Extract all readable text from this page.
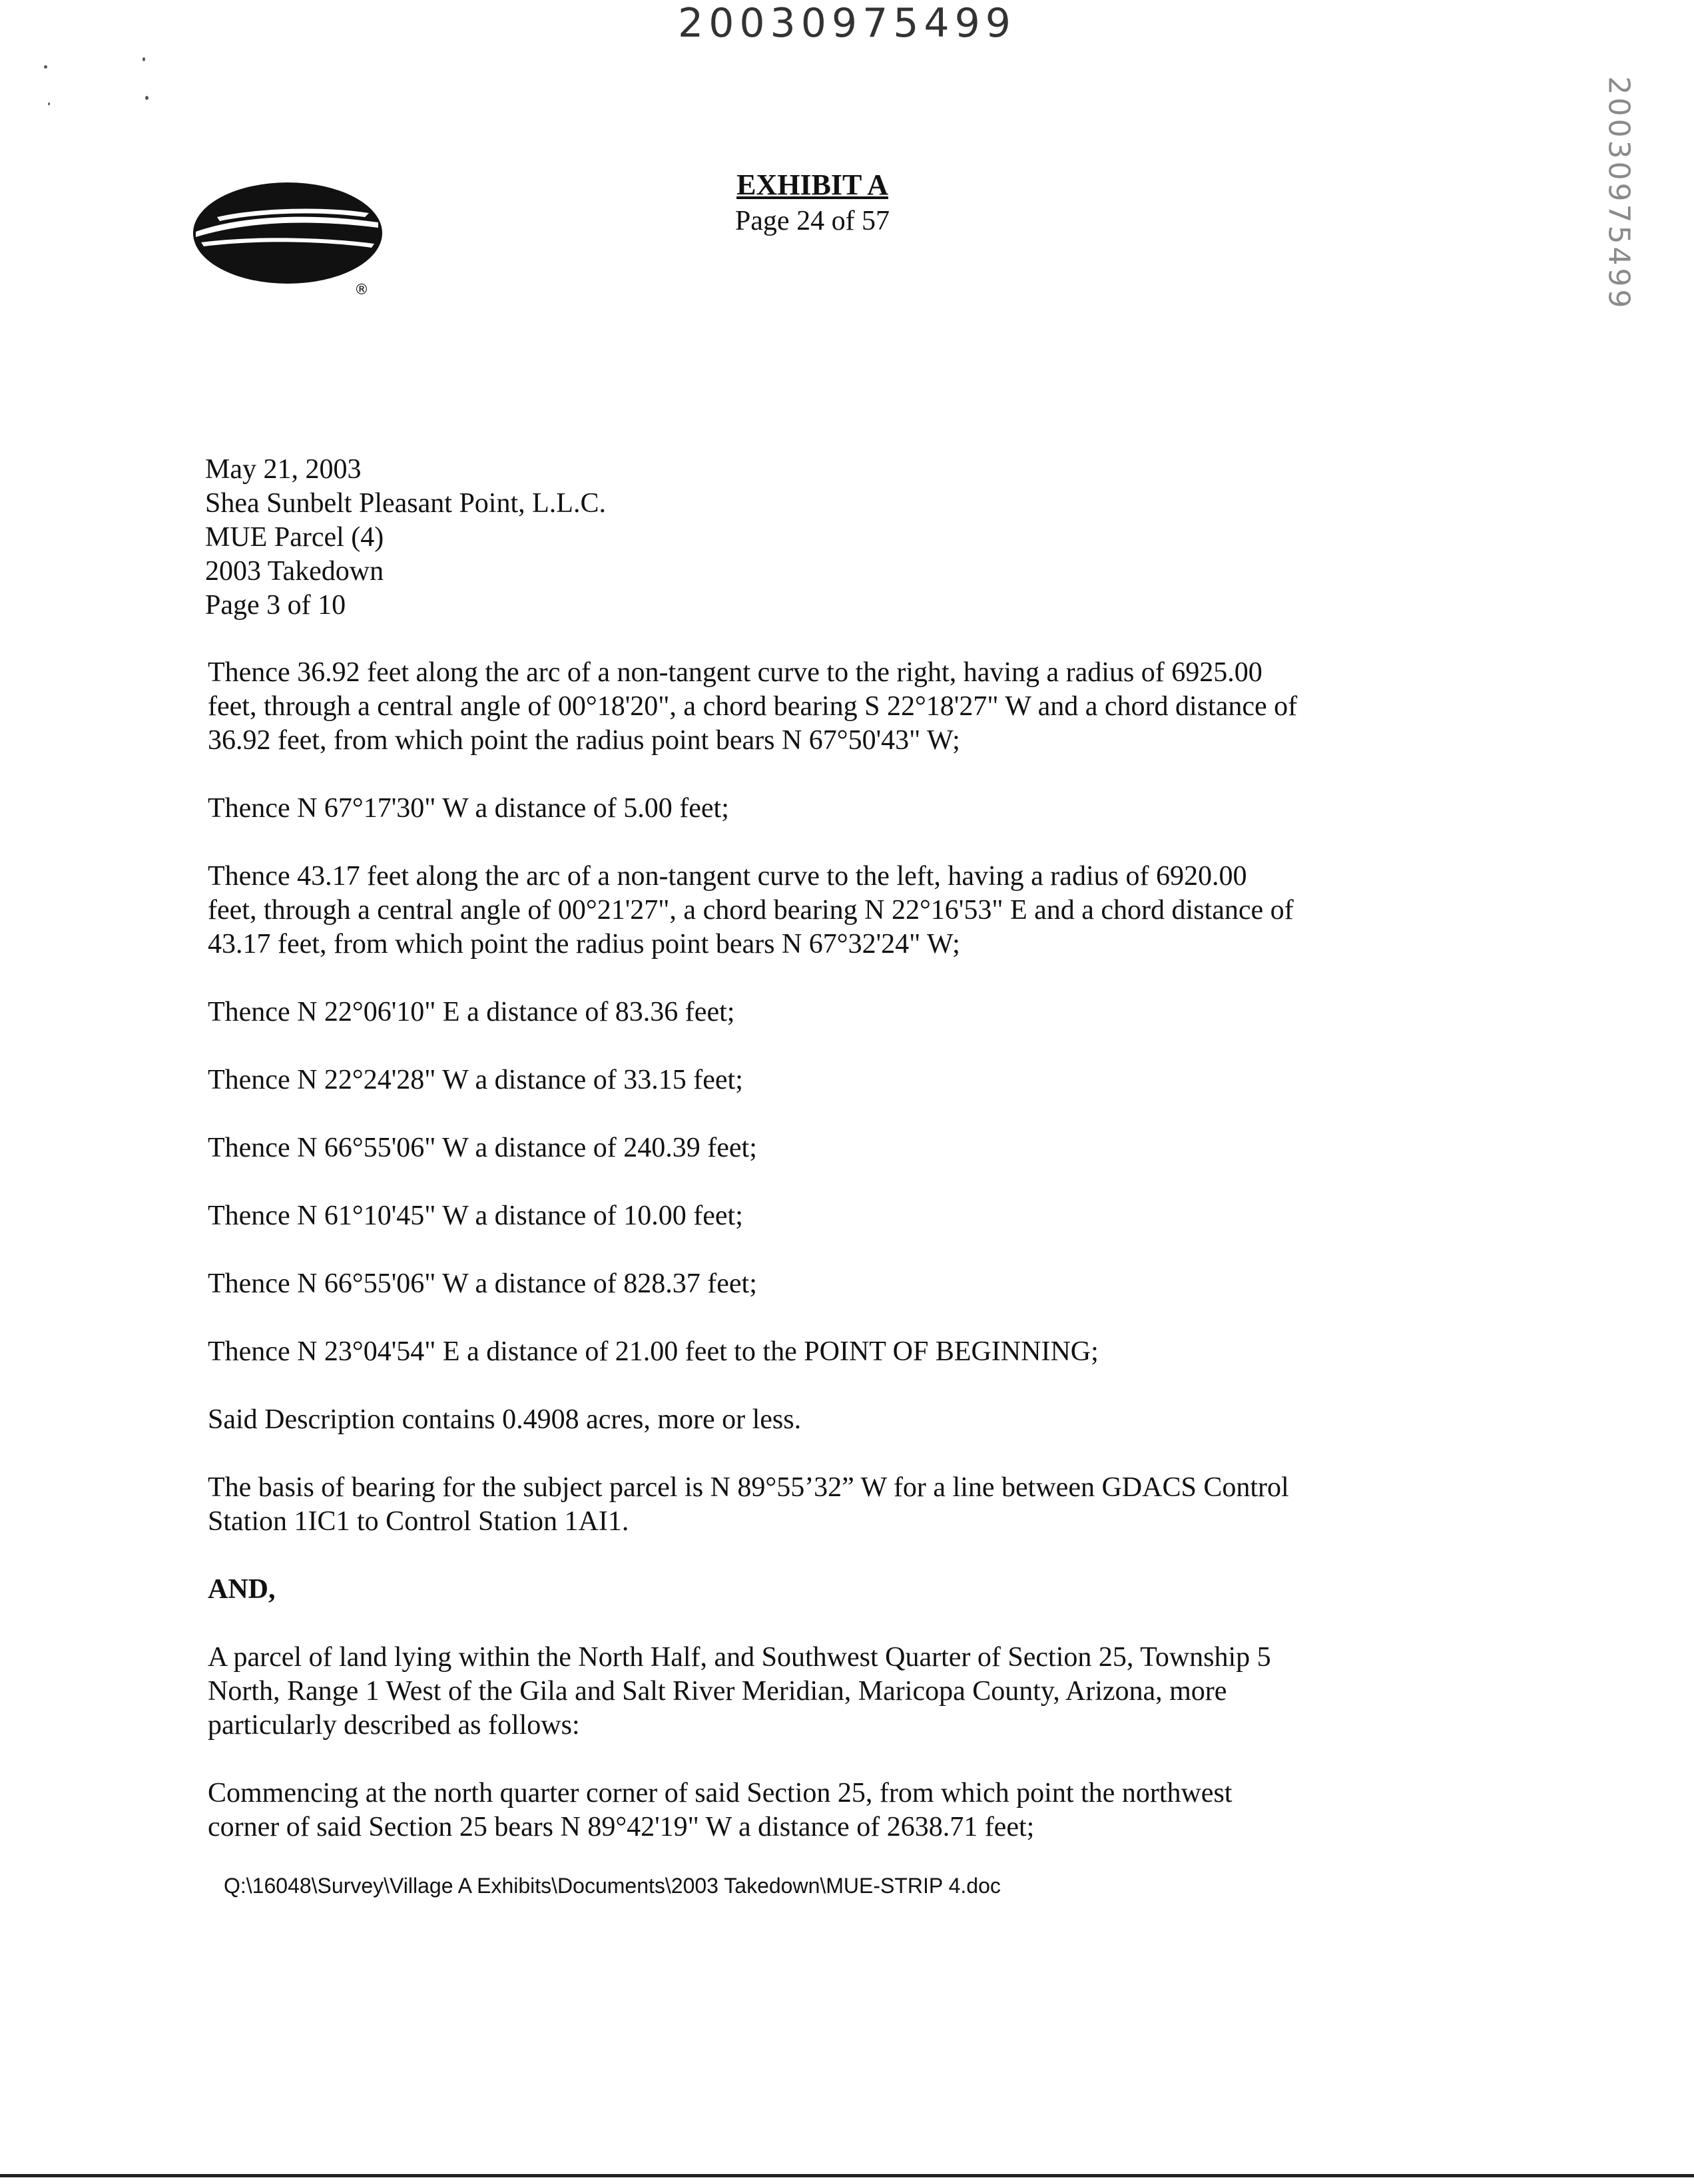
20030975499
20030975499
®
EXHIBIT A
Page 24 of 57
May 21, 2003
Shea Sunbelt Pleasant Point, L.L.C.
MUE Parcel (4)
2003 Takedown
Page 3 of 10
Thence 36.92 feet along the arc of a non-tangent curve to the right, having a radius of 6925.00
feet, through a central angle of 00°18'20", a chord bearing S 22°18'27" W and a chord distance of
36.92 feet, from which point the radius point bears N 67°50'43" W;
Thence N 67°17'30" W a distance of 5.00 feet;
Thence 43.17 feet along the arc of a non-tangent curve to the left, having a radius of 6920.00
feet, through a central angle of 00°21'27", a chord bearing N 22°16'53" E and a chord distance of
43.17 feet, from which point the radius point bears N 67°32'24" W;
Thence N 22°06'10" E a distance of 83.36 feet;
Thence N 22°24'28" W a distance of 33.15 feet;
Thence N 66°55'06" W a distance of 240.39 feet;
Thence N 61°10'45" W a distance of 10.00 feet;
Thence N 66°55'06" W a distance of 828.37 feet;
Thence N 23°04'54" E a distance of 21.00 feet to the POINT OF BEGINNING;
Said Description contains 0.4908 acres, more or less.
The basis of bearing for the subject parcel is N 89°55’32” W for a line between GDACS Control
Station 1IC1 to Control Station 1AI1.
AND,
A parcel of land lying within the North Half, and Southwest Quarter of Section 25, Township 5
North, Range 1 West of the Gila and Salt River Meridian, Maricopa County, Arizona, more
particularly described as follows:
Commencing at the north quarter corner of said Section 25, from which point the northwest
corner of said Section 25 bears N 89°42'19" W a distance of 2638.71 feet;
Q:\16048\Survey\Village A Exhibits\Documents\2003 Takedown\MUE-STRIP 4.doc
